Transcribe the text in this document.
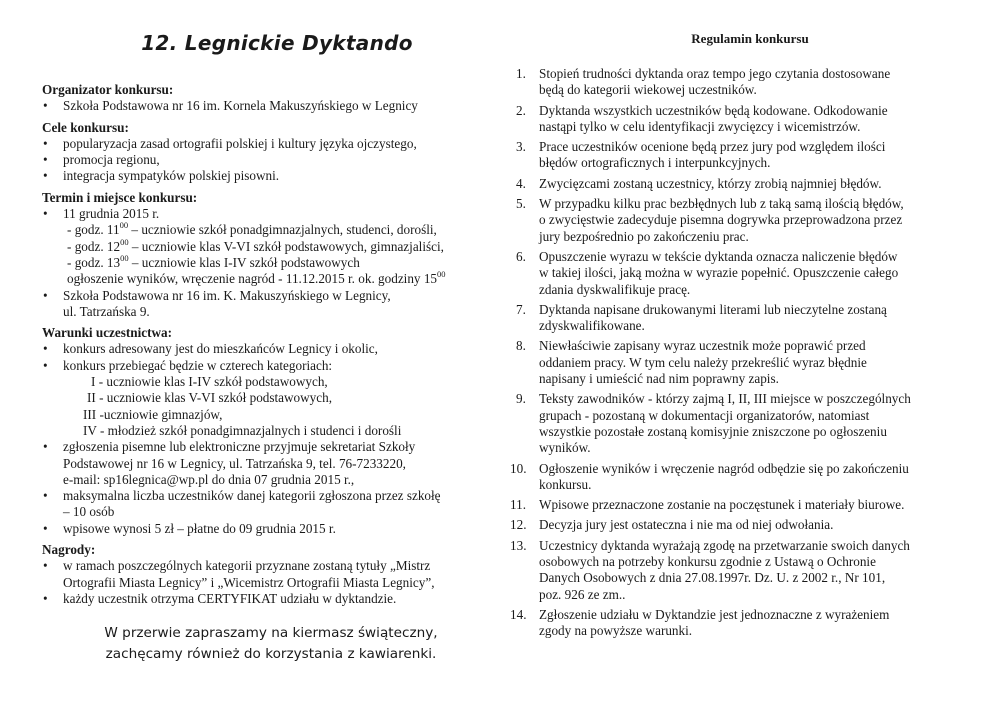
12. Legnickie Dyktando
Organizator konkursu:
• Szkoła Podstawowa nr 16 im. Kornela Makuszyńskiego w Legnicy
Cele konkursu:
• popularyzacja zasad ortografii polskiej i kultury języka ojczystego,
• promocja regionu,
• integracja sympatyków polskiej pisowni.
Termin i miejsce konkursu:
• 11 grudnia 2015 r.
- godz. $11^{00}$ – uczniowie szkół ponadgimnazjalnych, studenci, dorośli,
- godz. $12^{00}$ – uczniowie klas V-VI szkół podstawowych, gimnazjaliści,
- godz. $13^{00}$ – uczniowie klas I-IV szkół podstawowych
ogłoszenie wyników, wręczenie nagród - 11.12.2015 r. ok. godziny $15^{00}$
• Szkoła Podstawowa nr 16 im. K. Makuszyńskiego w Legnicy,
ul. Tatrzańska 9.
Warunki uczestnictwa:
• konkurs adresowany jest do mieszkańców Legnicy i okolic,
• konkurs przebiegać będzie w czterech kategoriach:
I - uczniowie klas I-IV szkół podstawowych,
II - uczniowie klas V-VI szkół podstawowych,
III -uczniowie gimnazjów,
IV - młodzież szkół ponadgimnazjalnych i studenci i dorośli
• zgłoszenia pisemne lub elektroniczne przyjmuje sekretariat Szkoły
Podstawowej nr 16 w Legnicy, ul. Tatrzańska 9, tel. 76-7233220,
e-mail: sp16legnica@wp.pl do dnia 07 grudnia 2015 r.,
• maksymalna liczba uczestników danej kategorii zgłoszona przez szkołę
– 10 osób
• wpisowe wynosi 5 zł – płatne do 09 grudnia 2015 r.
Nagrody:
• w ramach poszczególnych kategorii przyznane zostaną tytuły „Mistrz
Ortografii Miasta Legnicy” i „Wicemistrz Ortografii Miasta Legnicy”,
• każdy uczestnik otrzyma CERTYFIKAT udziału w dyktandzie.
W przerwie zapraszamy na kiermasz świąteczny,
zachęcamy również do korzystania z kawiarenki.
Regulamin konkursu
1. Stopień trudności dyktanda oraz tempo jego czytania dostosowane
będą do kategorii wiekowej uczestników.
2. Dyktanda wszystkich uczestników będą kodowane. Odkodowanie
nastąpi tylko w celu identyfikacji zwycięzcy i wicemistrzów.
3. Prace uczestników ocenione będą przez jury pod względem ilości
błędów ortograficznych i interpunkcyjnych.
4. Zwycięzcami zostaną uczestnicy, którzy zrobią najmniej błędów.
5. W przypadku kilku prac bezbłędnych lub z taką samą ilością błędów,
o zwycięstwie zadecyduje pisemna dogrywka przeprowadzona przez
jury bezpośrednio po zakończeniu prac.
6. Opuszczenie wyrazu w tekście dyktanda oznacza naliczenie błędów
w takiej ilości, jaką można w wyrazie popełnić. Opuszczenie całego
zdania dyskwalifikuje pracę.
7. Dyktanda napisane drukowanymi literami lub nieczytelne zostaną
zdyskwalifikowane.
8. Niewłaściwie zapisany wyraz uczestnik może poprawić przed
oddaniem pracy. W tym celu należy przekreślić wyraz błędnie
napisany i umieścić nad nim poprawny zapis.
9. Teksty zawodników - którzy zajmą I, II, III miejsce w poszczególnych
grupach - pozostaną w dokumentacji organizatorów, natomiast
wszystkie pozostałe zostaną komisyjnie zniszczone po ogłoszeniu
wyników.
10. Ogłoszenie wyników i wręczenie nagród odbędzie się po zakończeniu
konkursu.
11. Wpisowe przeznaczone zostanie na poczęstunek i materiały biurowe.
12. Decyzja jury jest ostateczna i nie ma od niej odwołania.
13. Uczestnicy dyktanda wyrażają zgodę na przetwarzanie swoich danych
osobowych na potrzeby konkursu zgodnie z Ustawą o Ochronie
Danych Osobowych z dnia 27.08.1997r. Dz. U. z 2002 r., Nr 101,
poz. 926 ze zm..
14. Zgłoszenie udziału w Dyktandzie jest jednoznaczne z wyrażeniem
zgody na powyższe warunki.
